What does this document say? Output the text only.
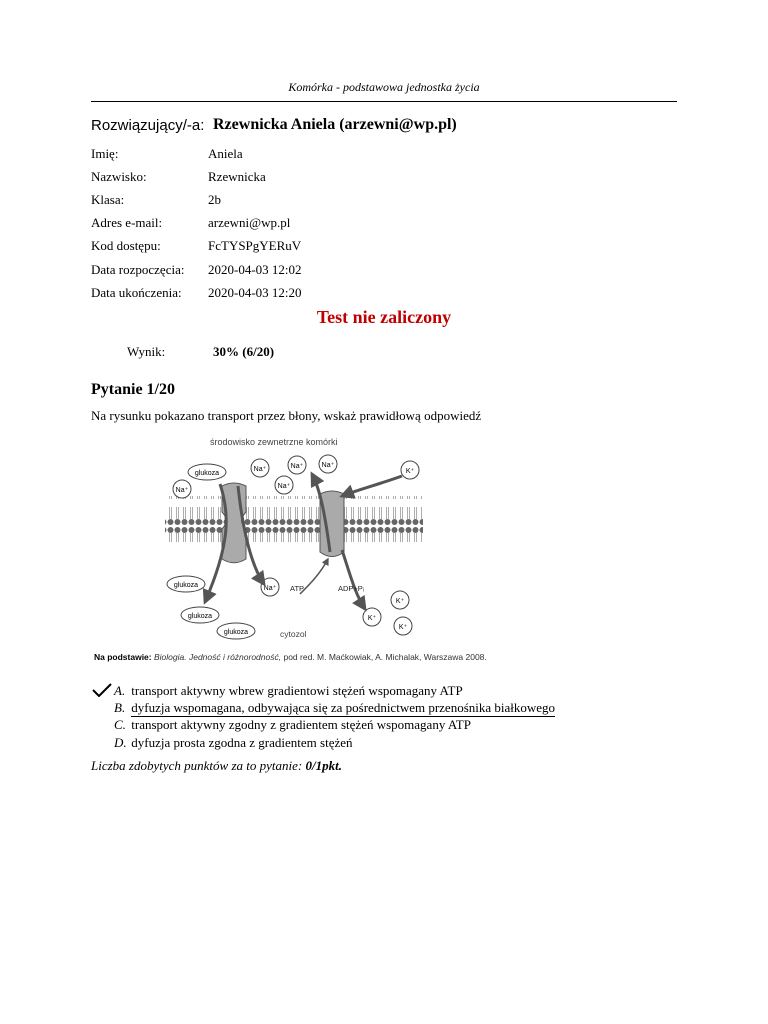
Komórka - podstawowa jednostka życia
Rozwiązujący/-a: Rzewnicka Aniela (arzewni@wp.pl)
Imię:	Aniela
Nazwisko:	Rzewnicka
Klasa:	2b
Adres e-mail:	arzewni@wp.pl
Kod dostępu:	FcTYSPgYERuV
Data rozpoczęcia: 2020-04-03 12:02
Data ukończenia: 2020-04-03 12:20
Test nie zaliczony
Wynik:	30% (6/20)
Pytanie 1/20
Na rysunku pokazano transport przez błony, wskaż prawidłową odpowiedź
środowisko zewnetrzne komórki
glukoza
glukoza
glukoza
glukoza
Na⁺	Na⁺	Na⁺
Na⁺
Na⁺
Na⁺
K⁺
K⁺
K⁺
K⁺
ATP	ADP+Pᵢ
cytozol
Na podstawie: Biologia. Jedność i różnorodność, pod red. M. Maćkowiak, A. Michalak, Warszawa 2008.
A. transport aktywny wbrew gradientowi stężeń wspomagany ATP
B. dyfuzja wspomagana, odbywająca się za pośrednictwem przenośnika białkowego
C. transport aktywny zgodny z gradientem stężeń wspomagany ATP
D. dyfuzja prosta zgodna z gradientem stężeń
Liczba zdobytych punktów za to pytanie: 0/1pkt.
